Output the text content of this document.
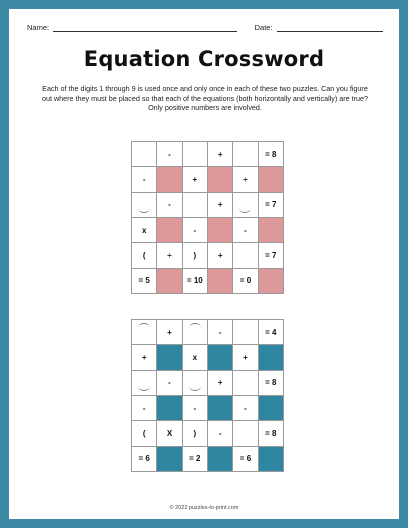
Name:	Date:
Equation Crossword
Each of the digits 1 through 9 is used once and only once in each of these two puzzles. Can you figure out where they must be placed so that each of the equations (both horizontally and vertically) are true? Only positive numbers are involved.
	-		+		= 8
-		+		÷	

	-		+		= 7
x		-		-	
(	÷	)	+		= 7
= 5		= 10		= 0	
	+		-		= 4
+		x		+	

	-		+		= 8
-		-		-	
(	X	)	-		= 8
= 6		= 2		= 6	
© 2022 puzzles-to-print.com
